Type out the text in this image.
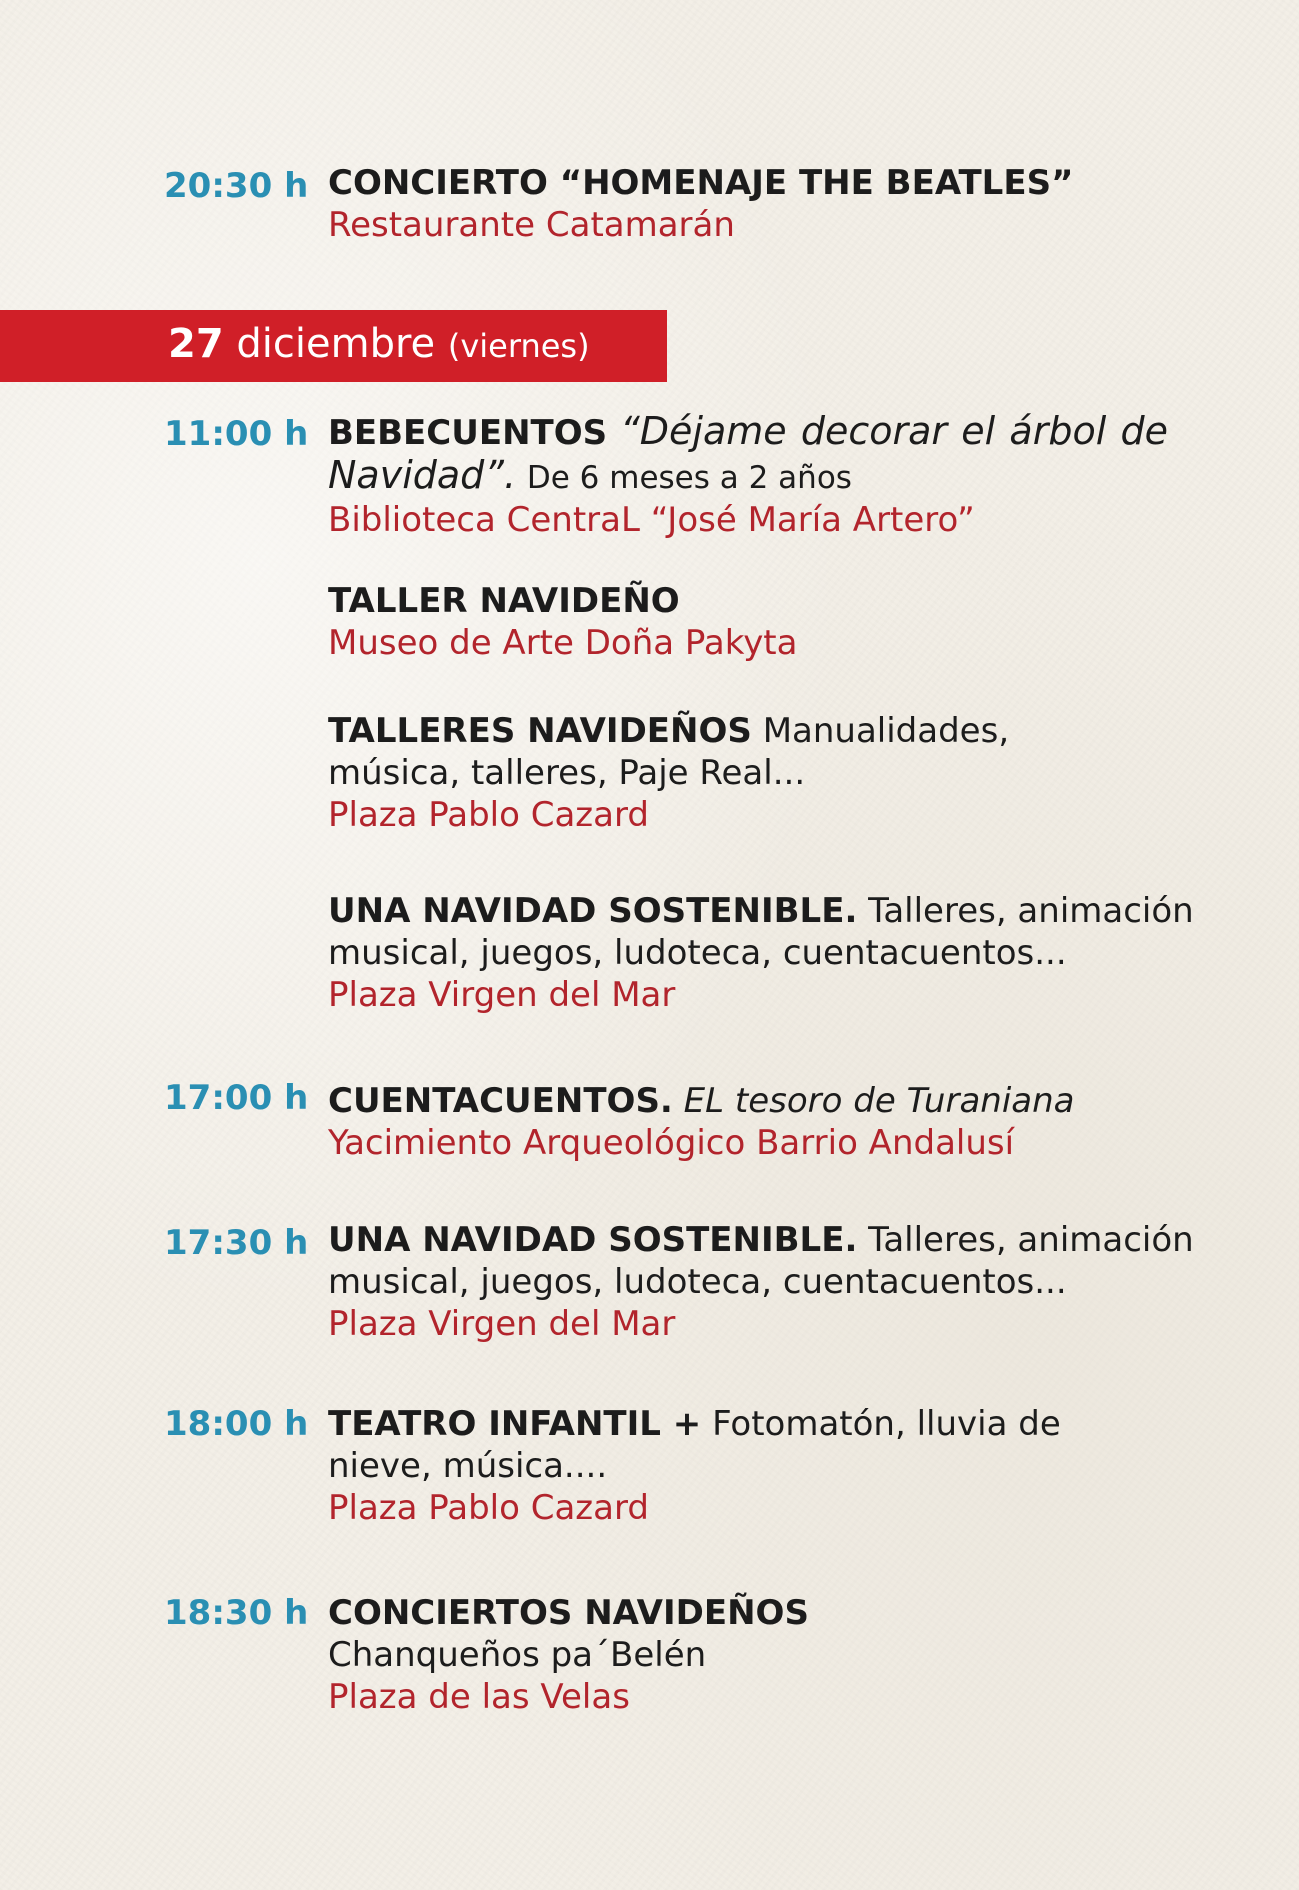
20:30 h CONCIERTO “HOMENAJE THE BEATLES”
Restaurante Catamarán
27 diciembre (viernes)
11:00 h BEBECUENTOS “Déjame decorar el árbol de Navidad”. De 6 meses a 2 años
Biblioteca CentraL “José María Artero”
TALLER NAVIDEÑO
Museo de Arte Doña Pakyta
TALLERES NAVIDEÑOS Manualidades, música, talleres, Paje Real...
Plaza Pablo Cazard
UNA NAVIDAD SOSTENIBLE. Talleres, animación musical, juegos, ludoteca, cuentacuentos...
Plaza Virgen del Mar
17:00 h CUENTACUENTOS. EL tesoro de Turaniana
Yacimiento Arqueológico Barrio Andalusí
17:30 h UNA NAVIDAD SOSTENIBLE. Talleres, animación musical, juegos, ludoteca, cuentacuentos...
Plaza Virgen del Mar
18:00 h TEATRO INFANTIL + Fotomatón, lluvia de nieve, música....
Plaza Pablo Cazard
18:30 h CONCIERTOS NAVIDEÑOS
Chanqueños pa´Belén
Plaza de las Velas
